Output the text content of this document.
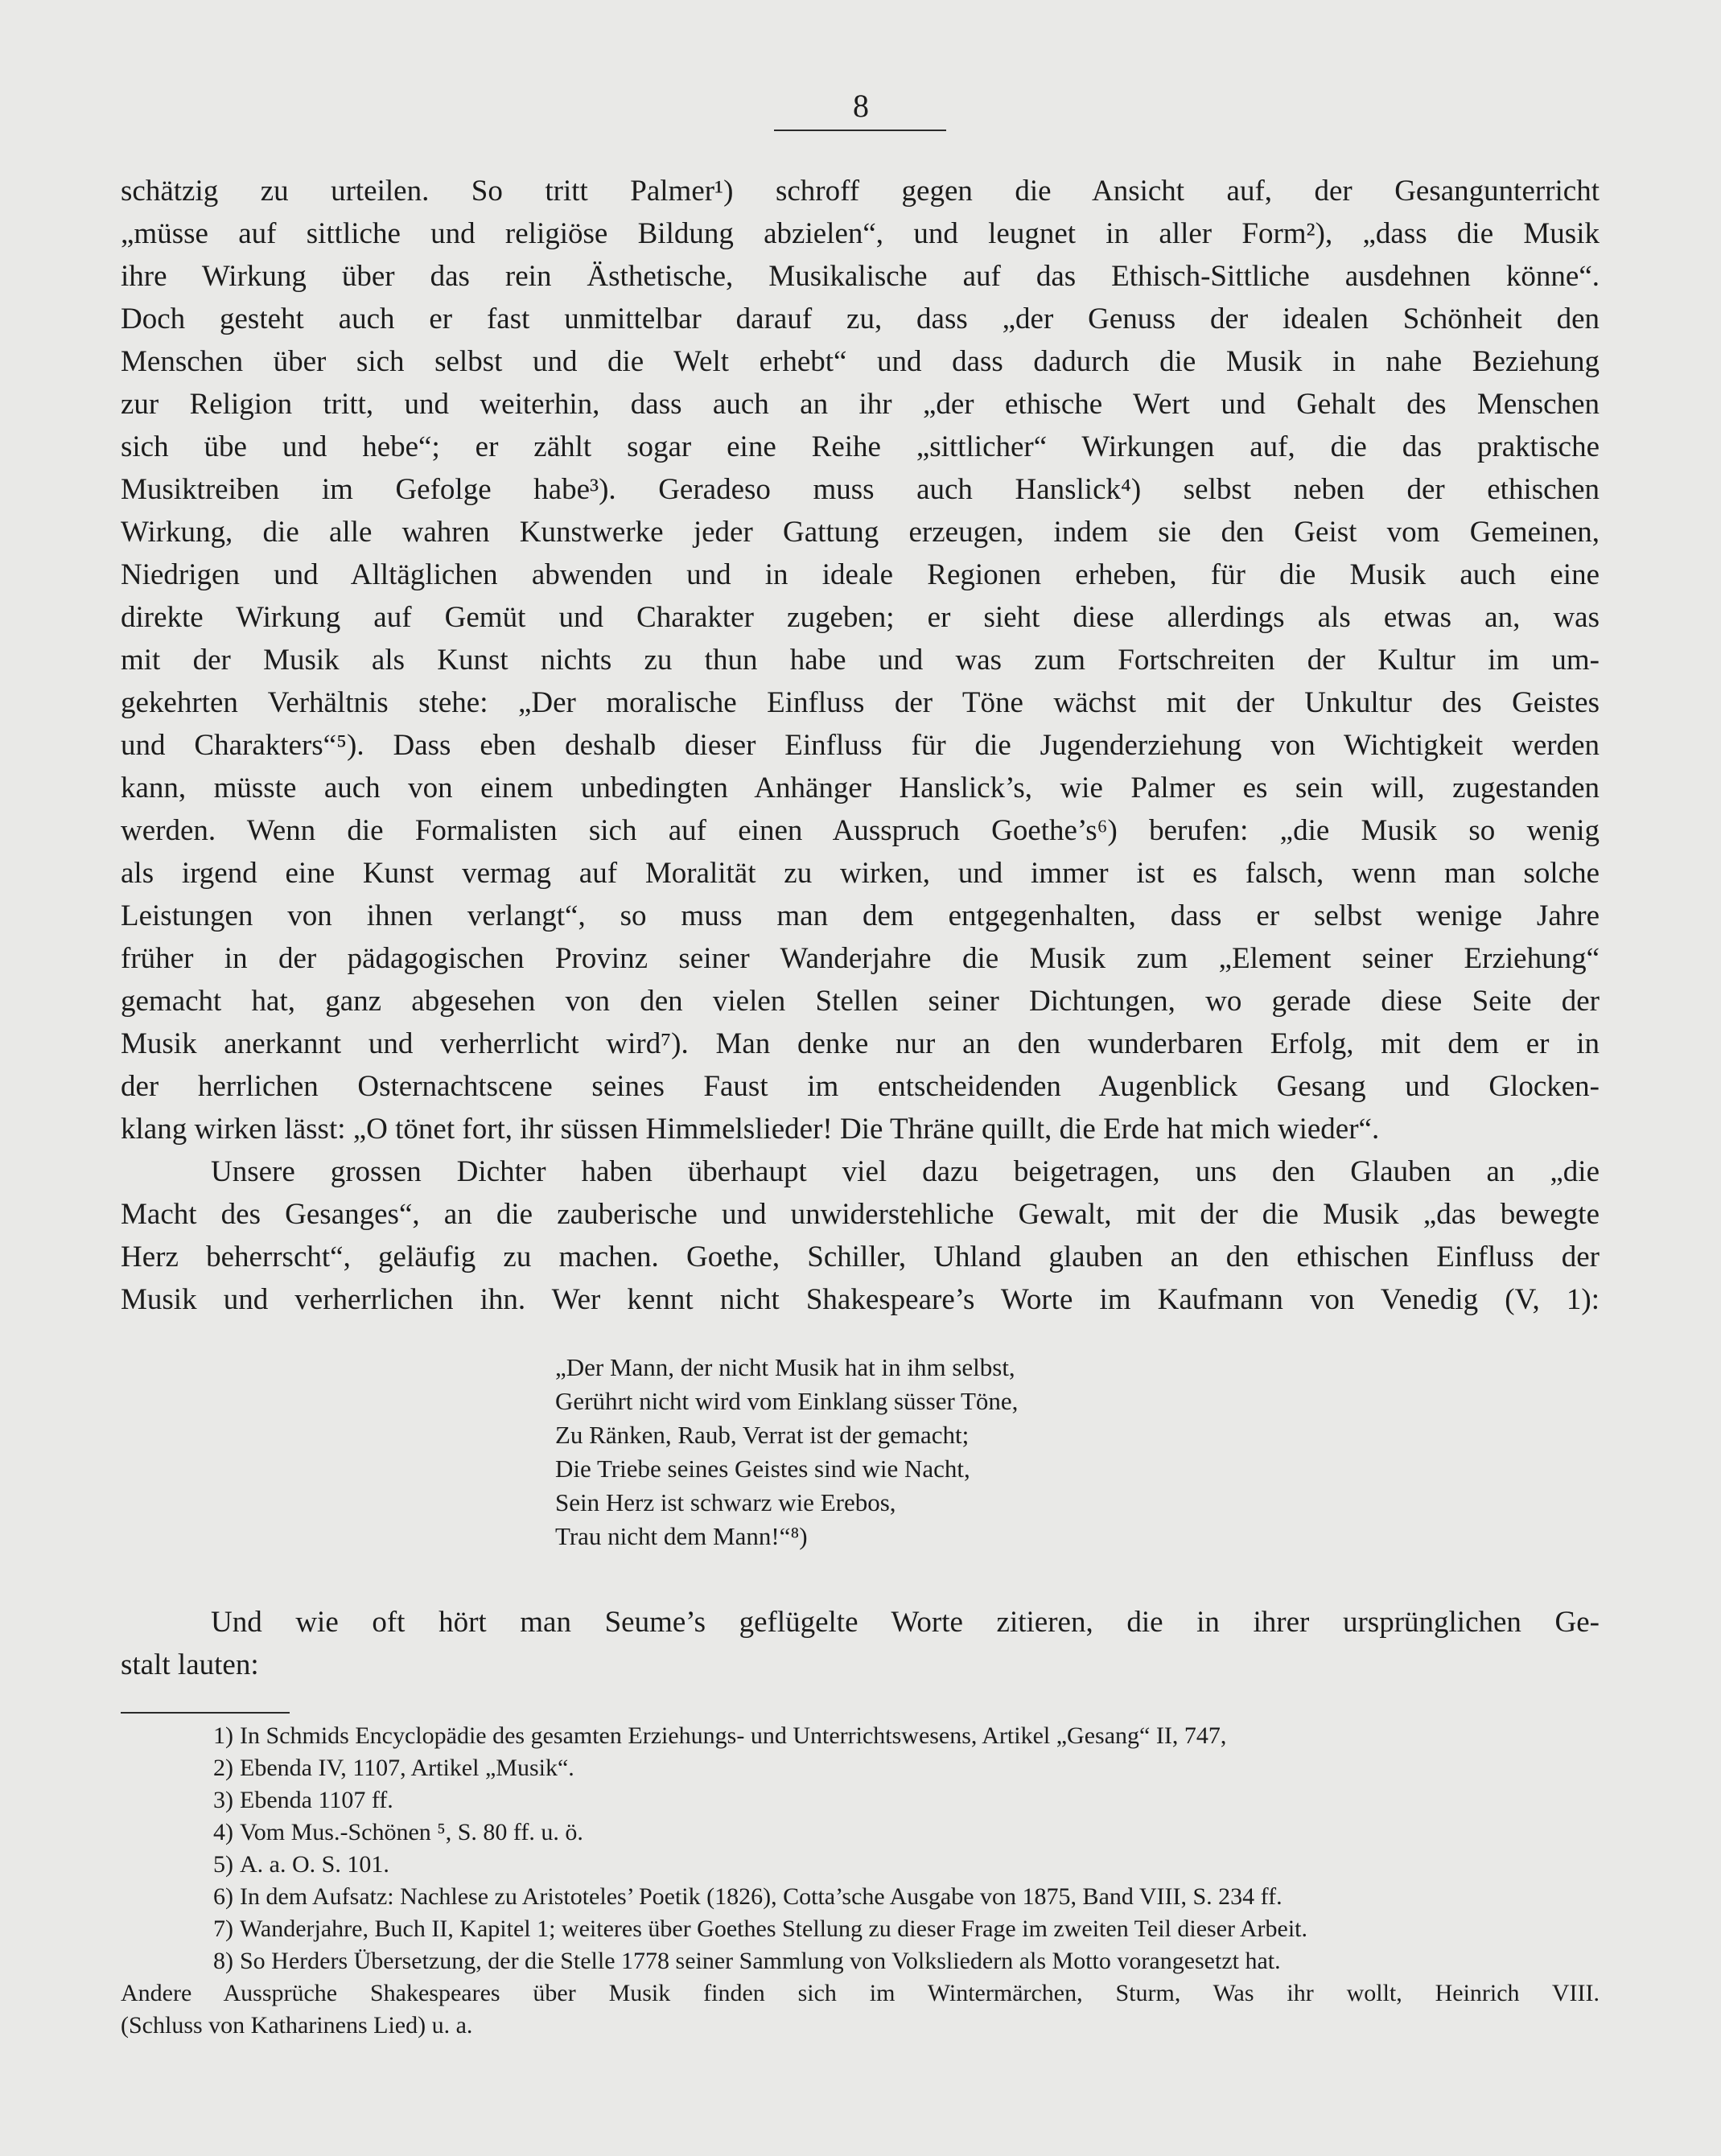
8
schätzig zu urteilen. So tritt Palmer¹) schroff gegen die Ansicht auf, der Gesangunterricht
„müsse auf sittliche und religiöse Bildung abzielen“, und leugnet in aller Form²), „dass die Musik
ihre Wirkung über das rein Ästhetische, Musikalische auf das Ethisch-Sittliche ausdehnen könne“.
Doch gesteht auch er fast unmittelbar darauf zu, dass „der Genuss der idealen Schönheit den
Menschen über sich selbst und die Welt erhebt“ und dass dadurch die Musik in nahe Beziehung
zur Religion tritt, und weiterhin, dass auch an ihr „der ethische Wert und Gehalt des Menschen
sich übe und hebe“; er zählt sogar eine Reihe „sittlicher“ Wirkungen auf, die das praktische
Musiktreiben im Gefolge habe³). Geradeso muss auch Hanslick⁴) selbst neben der ethischen
Wirkung, die alle wahren Kunstwerke jeder Gattung erzeugen, indem sie den Geist vom Gemeinen,
Niedrigen und Alltäglichen abwenden und in ideale Regionen erheben, für die Musik auch eine
direkte Wirkung auf Gemüt und Charakter zugeben; er sieht diese allerdings als etwas an, was
mit der Musik als Kunst nichts zu thun habe und was zum Fortschreiten der Kultur im um-
gekehrten Verhältnis stehe: „Der moralische Einfluss der Töne wächst mit der Unkultur des Geistes
und Charakters“⁵). Dass eben deshalb dieser Einfluss für die Jugenderziehung von Wichtigkeit werden
kann, müsste auch von einem unbedingten Anhänger Hanslick’s, wie Palmer es sein will, zugestanden
werden. Wenn die Formalisten sich auf einen Ausspruch Goethe’s⁶) berufen: „die Musik so wenig
als irgend eine Kunst vermag auf Moralität zu wirken, und immer ist es falsch, wenn man solche
Leistungen von ihnen verlangt“, so muss man dem entgegenhalten, dass er selbst wenige Jahre
früher in der pädagogischen Provinz seiner Wanderjahre die Musik zum „Element seiner Erziehung“
gemacht hat, ganz abgesehen von den vielen Stellen seiner Dichtungen, wo gerade diese Seite der
Musik anerkannt und verherrlicht wird⁷). Man denke nur an den wunderbaren Erfolg, mit dem er in
der herrlichen Osternachtscene seines Faust im entscheidenden Augenblick Gesang und Glocken-
klang wirken lässt: „O tönet fort, ihr süssen Himmelslieder! Die Thräne quillt, die Erde hat mich wieder“.
Unsere grossen Dichter haben überhaupt viel dazu beigetragen, uns den Glauben an „die
Macht des Gesanges“, an die zauberische und unwiderstehliche Gewalt, mit der die Musik „das bewegte
Herz beherrscht“, geläufig zu machen. Goethe, Schiller, Uhland glauben an den ethischen Einfluss der
Musik und verherrlichen ihn. Wer kennt nicht Shakespeare’s Worte im Kaufmann von Venedig (V, 1):
„Der Mann, der nicht Musik hat in ihm selbst,
Gerührt nicht wird vom Einklang süsser Töne,
Zu Ränken, Raub, Verrat ist der gemacht;
Die Triebe seines Geistes sind wie Nacht,
Sein Herz ist schwarz wie Erebos,
Trau nicht dem Mann!“⁸)
Und wie oft hört man Seume’s geflügelte Worte zitieren, die in ihrer ursprünglichen Ge-
stalt lauten:
1) In Schmids Encyclopädie des gesamten Erziehungs- und Unterrichtswesens, Artikel „Gesang“ II, 747,
2) Ebenda IV, 1107, Artikel „Musik“.
3) Ebenda 1107 ff.
4) Vom Mus.-Schönen ⁵, S. 80 ff. u. ö.
5) A. a. O. S. 101.
6) In dem Aufsatz: Nachlese zu Aristoteles’ Poetik (1826), Cotta’sche Ausgabe von 1875, Band VIII, S. 234 ff.
7) Wanderjahre, Buch II, Kapitel 1; weiteres über Goethes Stellung zu dieser Frage im zweiten Teil dieser Arbeit.
8) So Herders Übersetzung, der die Stelle 1778 seiner Sammlung von Volksliedern als Motto vorangesetzt hat.
Andere Aussprüche Shakespeares über Musik finden sich im Wintermärchen, Sturm, Was ihr wollt, Heinrich VIII.
(Schluss von Katharinens Lied) u. a.
